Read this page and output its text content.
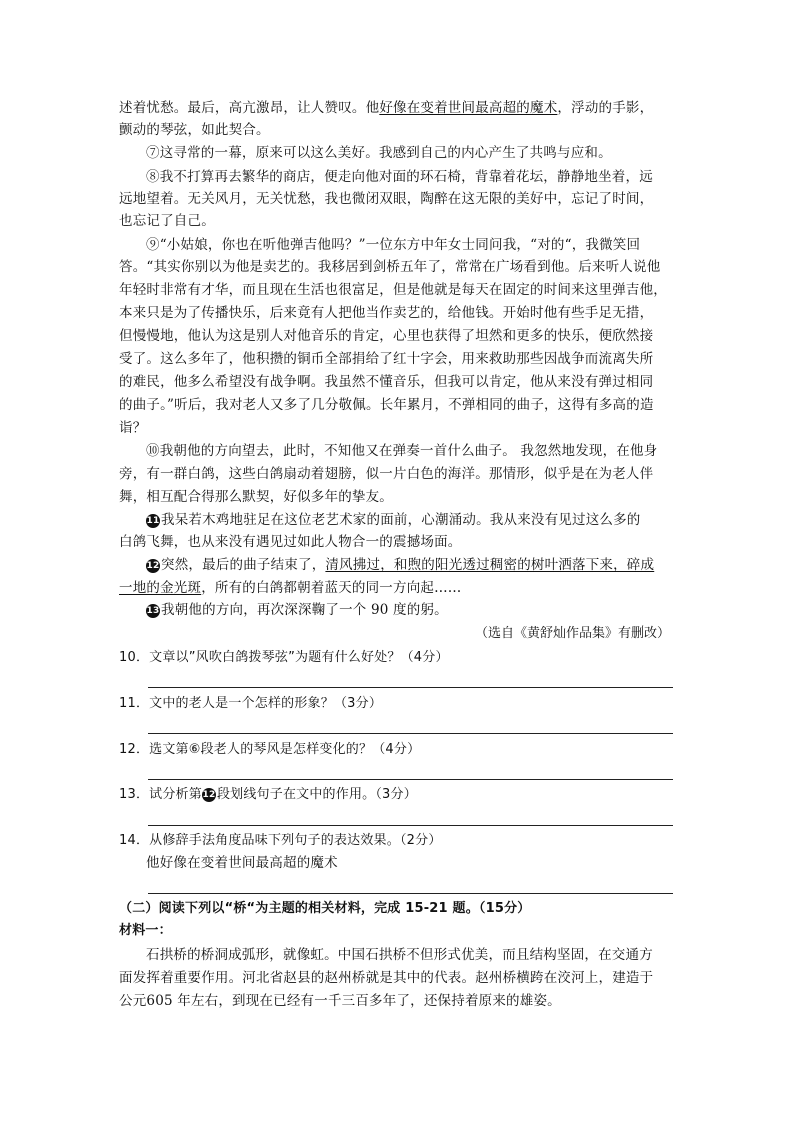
述着忧愁。最后，高亢激昂，让人赞叹。他好像在变着世间最高超的魔术，浮动的手影，
颤动的琴弦，如此契合。
⑦这寻常的一幕，原来可以这么美好。我感到自己的内心产生了共鸣与应和。
⑧我不打算再去繁华的商店，便走向他对面的环石椅，背靠着花坛，静静地坐着，远
远地望着。无关风月，无关忧愁，我也微闭双眼，陶醉在这无限的美好中，忘记了时间，
也忘记了自己。
⑨“小姑娘，你也在听他弹吉他吗？”一位东方中年女士同问我，“对的“，我微笑回
答。“其实你别以为他是卖艺的。我移居到剑桥五年了，常常在广场看到他。后来听人说他
年轻时非常有才华，而且现在生活也很富足，但是他就是每天在固定的时间来这里弹吉他，
本来只是为了传播快乐，后来竟有人把他当作卖艺的，给他钱。开始时他有些手足无措，
但慢慢地，他认为这是别人对他音乐的肯定，心里也获得了坦然和更多的快乐，便欣然接
受了。这么多年了，他积攒的铜币全部捐给了红十字会，用来救助那些因战争而流离失所
的难民，他多么希望没有战争啊。我虽然不懂音乐，但我可以肯定，他从来没有弹过相同
的曲子。”听后，我对老人又多了几分敬佩。长年累月，不弹相同的曲子，这得有多高的造
诣？
⑩我朝他的方向望去，此时，不知他又在弹奏一首什么曲子。 我忽然地发现，在他身
旁，有一群白鸽，这些白鸽扇动着翅膀，似一片白色的海洋。那情形，似乎是在为老人伴
舞，相互配合得那么默契，好似多年的挚友。
11 我呆若木鸡地驻足在这位老艺术家的面前，心潮涌动。我从来没有见过这么多的
白鸽飞舞，也从来没有遇见过如此人物合一的震撼场面。
12 突然，最后的曲子结束了，清风拂过，和煦的阳光透过稠密的树叶洒落下来，碎成
一地的金光斑，所有的白鸽都朝着蓝天的同一方向起……
13 我朝他的方向，再次深深鞠了一个 90 度的躬。
（选自《黄舒灿作品集》有删改）
10．文章以”风吹白鸽拨琴弦”为题有什么好处？（4分）
11．文中的老人是一个怎样的形象？（3分）
12．选文第⑥段老人的琴风是怎样变化的？（4分）
13．试分析第12 段划线句子在文中的作用。（3分）
14．从修辞手法角度品味下列句子的表达效果。（2分）
他好像在变着世间最高超的魔术
（二）阅读下列以“桥“为主题的相关材料，完成 15-21 题。（15分）
材料一：
石拱桥的桥洞成弧形，就像虹。中国石拱桥不但形式优美，而且结构坚固，在交通方
面发挥着重要作用。河北省赵县的赵州桥就是其中的代表。赵州桥横跨在洨河上，建造于
公元605 年左右，到现在已经有一千三百多年了，还保持着原来的雄姿。
